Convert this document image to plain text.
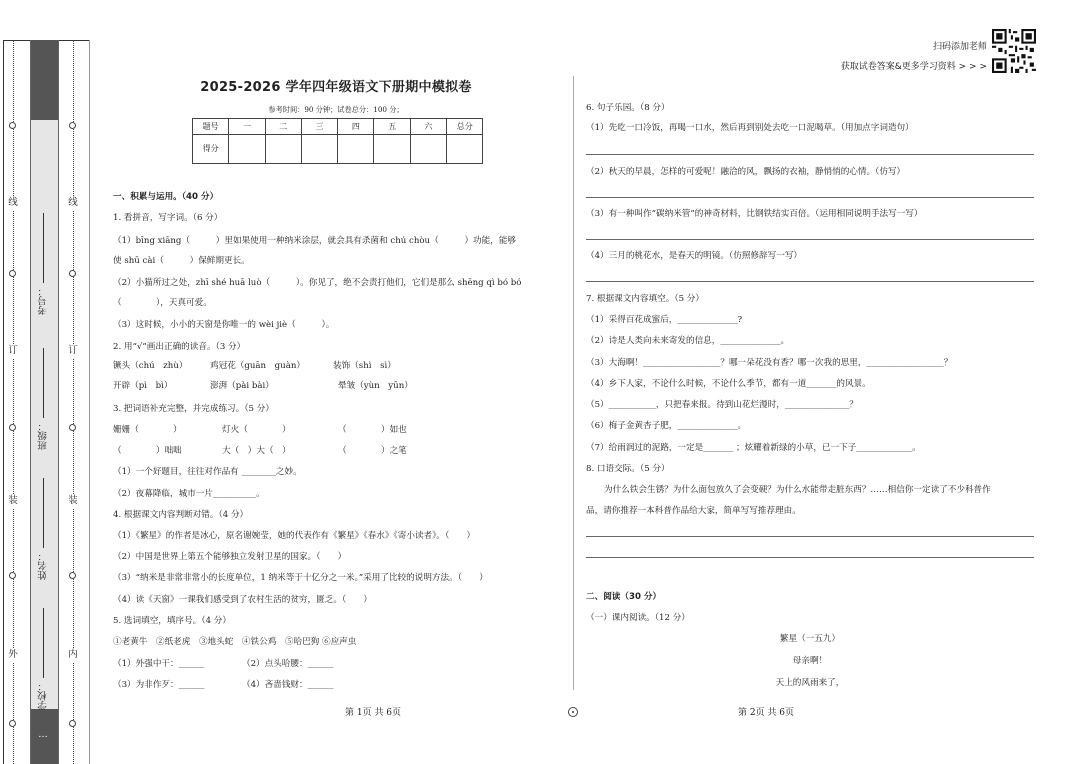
外
装
订
线
内
装
订
线
学校：
姓名：
班级：
考号：
…
扫码添加老师
获取试卷答案&更多学习资料 > > >
2025-2026 学年四年级语文下册期中模拟卷
参考时间：90 分钟；试卷总分：100 分；
题号	一	二	三	四	五	六	总分
得分							
一、积累与运用。（40 分）
1. 看拼音，写字词。（6 分）
（1）bīng xiāng（　　　）里如果使用一种纳米涂层，就会具有杀菌和 chú chòu（　　　）功能，能够
使 shū cài（　　　）保鲜期更长。
（2）小猫所过之处，zhī shé huā luò（　　　）。你见了，绝不会责打他们，它们是那么 shēng qì bó bó
（　　　　），天真可爱。
（3）这时候，小小的天窗是你唯一的 wèi jiè（　　　）。
2. 用“√”画出正确的读音。（3 分）
镢头（chú　zhù）	鸡冠花（guān　guàn）	装饰（shì　sì）
开辟（pì　bì）	澎湃（pài bài）	晕皱（yùn　yūn）
3. 把词语补充完整，并完成练习。（5 分）
姗姗（　　　　）	灯火（　　　　）	（　　　　）如也
（　　　　）咄咄	大（　）大（　）	（　　　　）之笔
（1）一个好题目，往往对作品有 ________之妙。
（2）夜幕降临，城市一片__________。
4. 根据课文内容判断对错。（4 分）
（1）《繁星》的作者是冰心，原名谢婉莹，她的代表作有《繁星》《春水》《寄小读者》。（　　）
（2）中国是世界上第五个能够独立发射卫星的国家。（　　）
（3）“纳米是非常非常小的长度单位，1 纳米等于十亿分之一米。”采用了比较的说明方法。（　　）
（4）读《天窗》一课我们感受到了农村生活的贫穷，匮乏。（　　）
5. 选词填空，填序号。（4 分）
①老黄牛　②纸老虎　③地头蛇　④铁公鸡　⑤哈巴狗 ⑥应声虫
（1）外强中干：______	（2）点头哈腰：______
（3）为非作歹：______	（4）吝啬钱财：______
第 1页 共 6页
6. 句子乐园。（8 分）
（1）先吃一口冷饭，再喝一口水，然后再到别处去吃一口泥喝草。（用加点字词造句）
（2）秋天的早晨，怎样的可爱呢！融洽的风，飘扬的衣袖，静悄悄的心情。（仿写）
（3）有一种叫作“碳纳米管”的神奇材料，比钢铁结实百倍。（运用相同说明手法写一写）
（4）三月的桃花水，是春天的明镜。（仿照修辞写一写）
7. 根据课文内容填空。（5 分）
（1）采得百花成蜜后，______________?
（2）诗是人类向未来寄发的信息，______________。
（3）大海啊！__________________？哪一朵花没有香？哪一次我的思里，__________________？
（4）乡下人家，不论什么时候，不论什么季节，都有一道_______的风景。
（5）___________，只把春来报。待到山花烂漫时，_______________？
（6）梅子金黄杏子肥，______________。
（7）给雨润过的泥路，一定是_______ ；炫耀着新绿的小草，已一下子_____________。
8. 口语交际。（5 分）
为什么铁会生锈？为什么面包放久了会变硬？为什么水能带走脏东西？……相信你一定读了不少科普作
品，请你推荐一本科普作品给大家，简单写写推荐理由。
二、阅读（30 分）
（一）课内阅读。（12 分）
繁星（一五九）
母亲啊！
天上的风雨来了，
第 2页 共 6页
